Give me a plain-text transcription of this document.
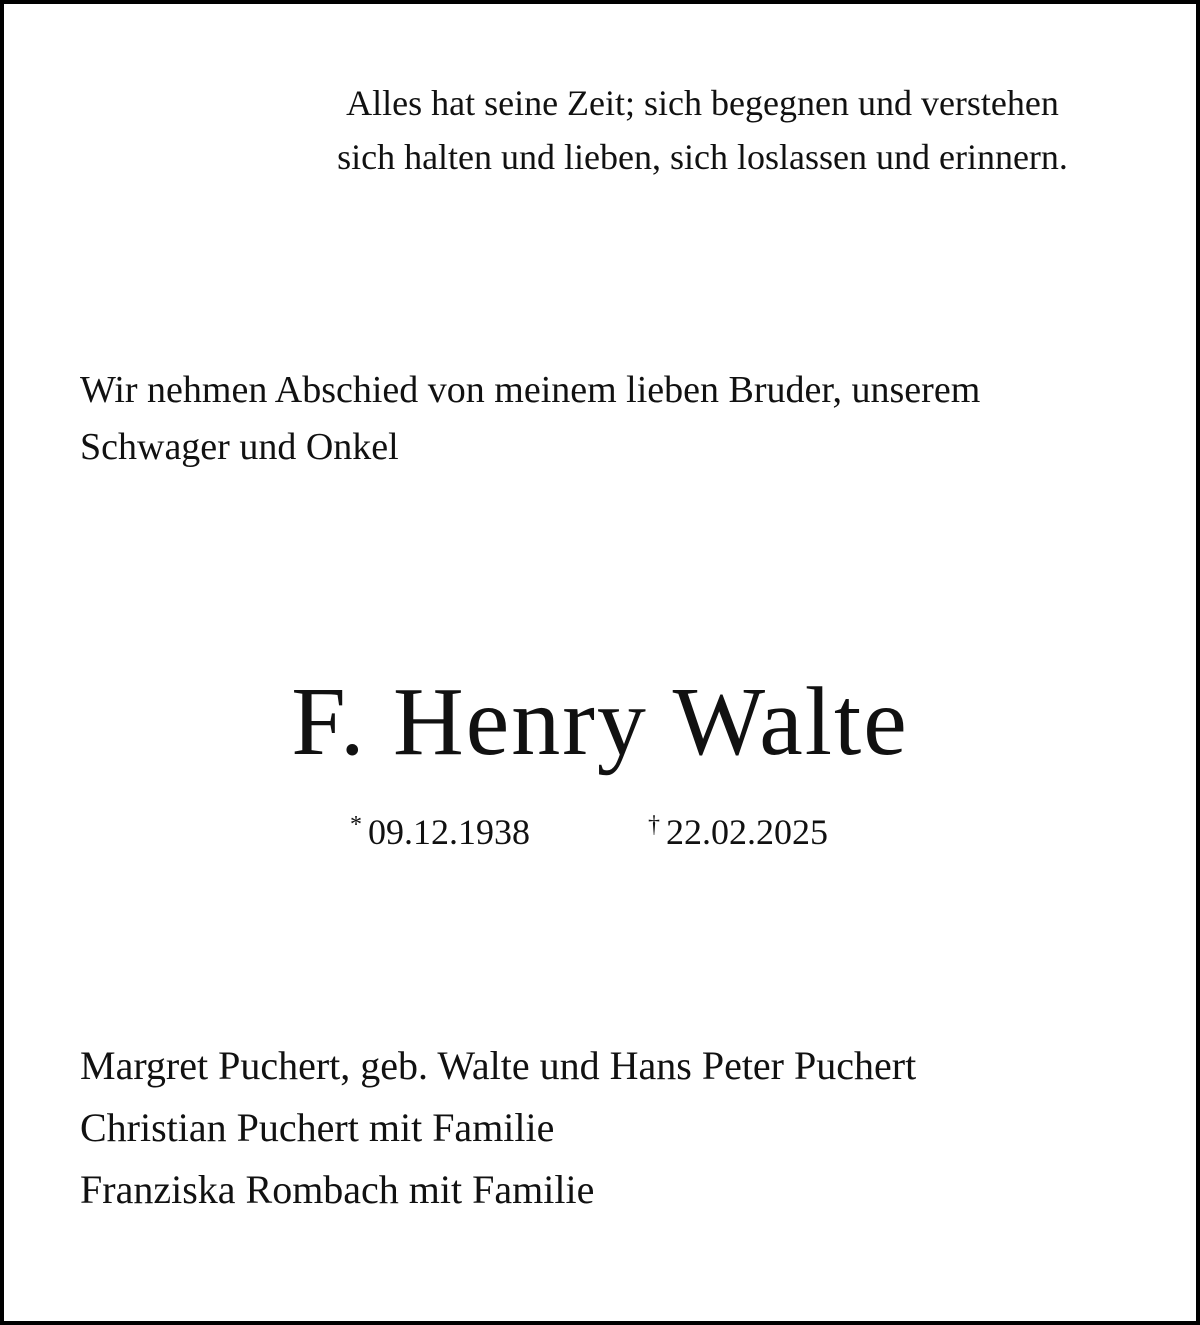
Alles hat seine Zeit; sich begegnen und verstehen
sich halten und lieben, sich loslassen und erinnern.
Wir nehmen Abschied von meinem lieben Bruder, unserem
Schwager und Onkel
F. Henry Walte
* 09.12.1938	† 22.02.2025
Margret Puchert, geb. Walte und Hans Peter Puchert
Christian Puchert mit Familie
Franziska Rombach mit Familie
